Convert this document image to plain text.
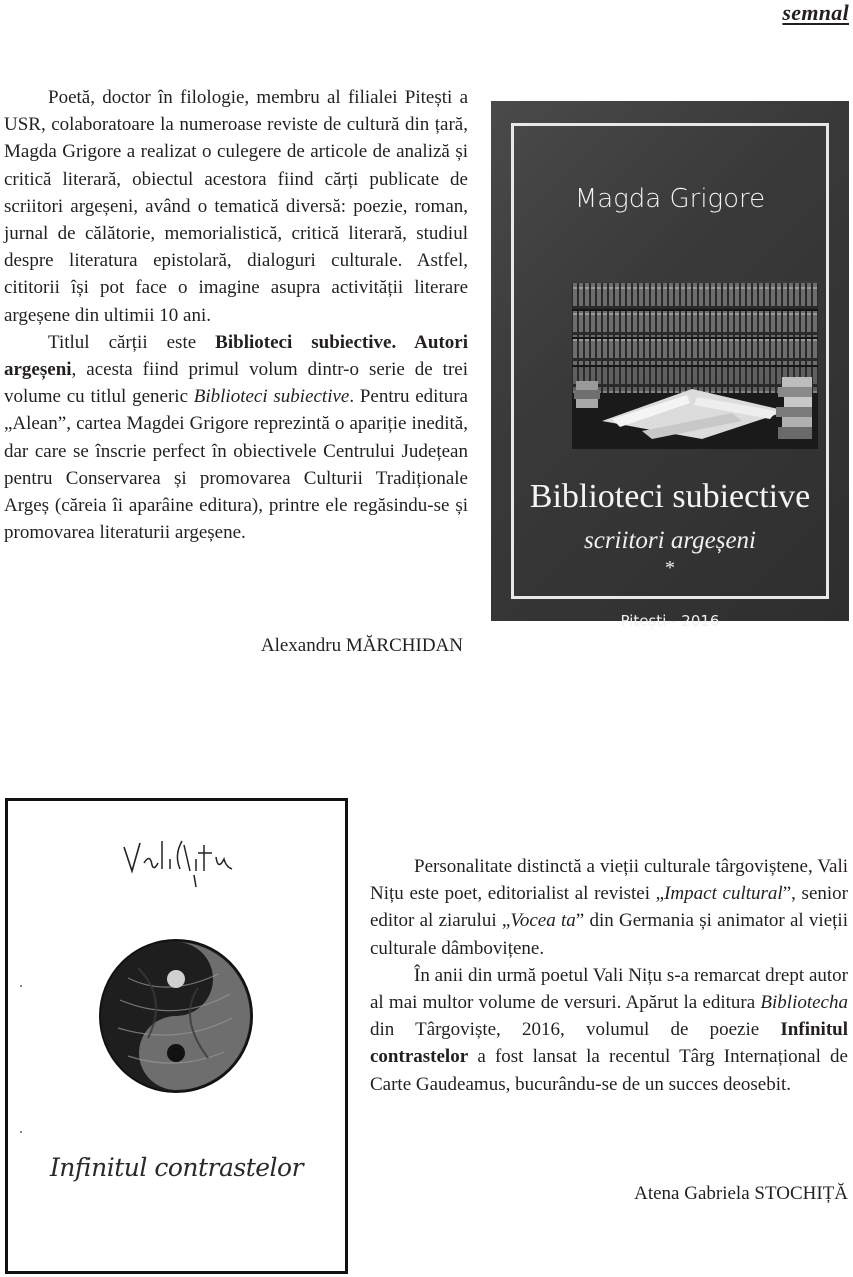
semnal

Poetă, doctor în filologie, membru al filialei Pitești a USR, colaboratoare la numeroase reviste de cultură din țară, Magda Grigore a realizat o culegere de articole de analiză și critică literară, obiectul acestora fiind cărți publicate de scriitori argeșeni, având o tematică diversă: poezie, roman, jurnal de călătorie, memorialistică, critică literară, studiul despre literatura epistolară, dialoguri culturale. Astfel, cititorii își pot face o imagine asupra activității literare argeșene din ultimii 10 ani.

Titlul cărții este Biblioteci subiective. Autori argeșeni, acesta fiind primul volum dintr-o serie de trei volume cu titlul generic Biblioteci subiective. Pentru editura „Alean”, cartea Magdei Grigore reprezintă o apariție inedită, dar care se înscrie perfect în obiectivele Centrului Județean pentru Conservarea și promovarea Culturii Tradiționale Argeș (căreia îi aparâine editura), printre ele regăsindu-se și promovarea literaturii argeșene.

Alexandru MĂRCHIDAN
Magda Grigore
Biblioteci subiective
scriitori argeșeni
*
Pitești - 2016
Infinitul contrastelor

Personalitate distinctă a vieții culturale târgoviștene, Vali Nițu este poet, editorialist al revistei „Impact cultural”, senior editor al ziarului „Vocea ta” din Germania și animator al vieții culturale dâmbovițene.

În anii din urmă poetul Vali Nițu s-a remarcat drept autor al mai multor volume de versuri. Apărut la editura Bibliotecha din Târgoviște, 2016, volumul de poezie Infinitul contrastelor a fost lansat la recentul Târg Internațional de Carte Gaudeamus, bucurându-se de un succes deosebit.

Atena Gabriela STOCHIȚĂ
